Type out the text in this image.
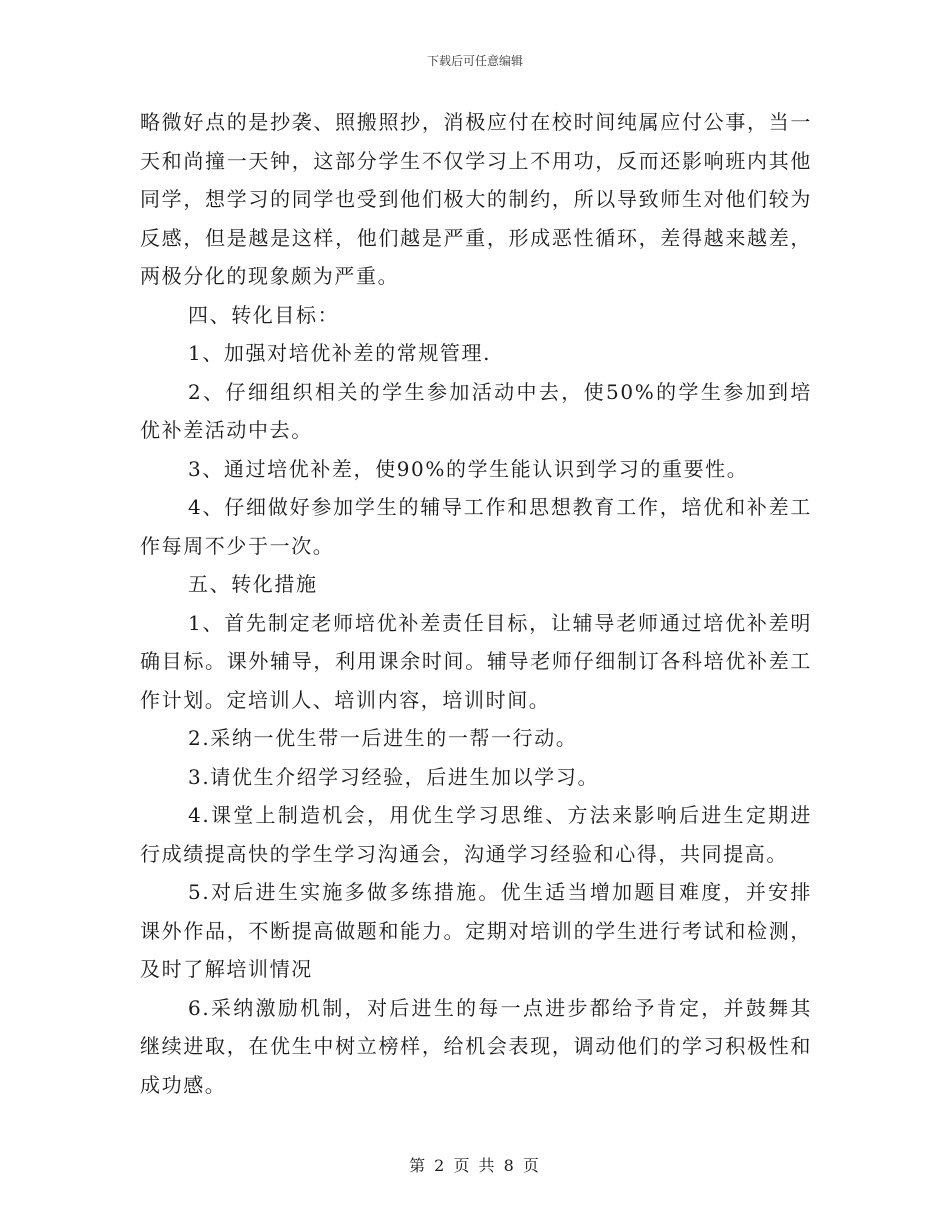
下载后可任意编辑

略微好点的是抄袭、照搬照抄，消极应付在校时间纯属应付公事，当一天和尚撞一天钟，这部分学生不仅学习上不用功，反而还影响班内其他同学，想学习的同学也受到他们极大的制约，所以导致师生对他们较为反感，但是越是这样，他们越是严重，形成恶性循环，差得越来越差，两极分化的现象颇为严重。

四、转化目标：

1、加强对培优补差的常规管理.

2、仔细组织相关的学生参加活动中去，使50%的学生参加到培优补差活动中去。

3、通过培优补差，使90%的学生能认识到学习的重要性。

4、仔细做好参加学生的辅导工作和思想教育工作，培优和补差工作每周不少于一次。

五、转化措施

1、首先制定老师培优补差责任目标，让辅导老师通过培优补差明确目标。课外辅导，利用课余时间。辅导老师仔细制订各科培优补差工作计划。定培训人、培训内容，培训时间。

2.采纳一优生带一后进生的一帮一行动。

3.请优生介绍学习经验，后进生加以学习。

4.课堂上制造机会，用优生学习思维、方法来影响后进生定期进行成绩提高快的学生学习沟通会，沟通学习经验和心得，共同提高。

5.对后进生实施多做多练措施。优生适当增加题目难度，并安排课外作品，不断提高做题和能力。定期对培训的学生进行考试和检测，及时了解培训情况

6.采纳激励机制，对后进生的每一点进步都给予肯定，并鼓舞其继续进取，在优生中树立榜样，给机会表现，调动他们的学习积极性和成功感。

第 2 页 共 8 页
